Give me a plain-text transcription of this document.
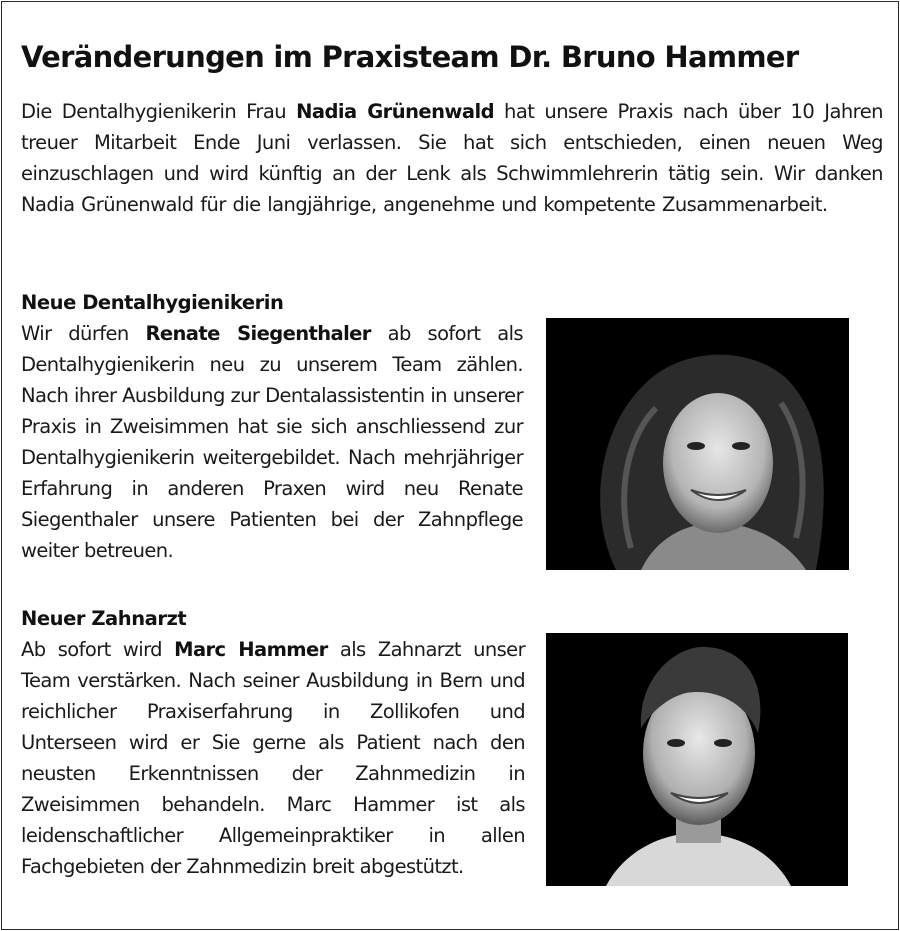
Veränderungen im Praxisteam Dr. Bruno Hammer

Die Dentalhygienikerin Frau Nadia Grünenwald hat unsere Praxis nach über 10 Jahren treuer Mitarbeit Ende Juni verlassen. Sie hat sich entschieden, einen neuen Weg einzuschlagen und wird künftig an der Lenk als Schwimmlehrerin tätig sein. Wir danken Nadia Grünenwald für die langjährige, angenehme und kompetente Zusammenarbeit.

Neue Dentalhygienikerin

Wir dürfen Renate Siegenthaler ab sofort als Dentalhygienikerin neu zu unserem Team zählen. Nach ihrer Ausbildung zur Dentalassistentin in unserer Praxis in Zweisimmen hat sie sich anschliessend zur Dentalhygienikerin weitergebildet. Nach mehrjähriger Erfahrung in anderen Praxen wird neu Renate Siegenthaler unsere Patienten bei der Zahnpflege weiter betreuen.

Neuer Zahnarzt

Ab sofort wird Marc Hammer als Zahnarzt unser Team verstärken. Nach seiner Ausbildung in Bern und reichlicher Praxiserfahrung in Zollikofen und Unterseen wird er Sie gerne als Patient nach den neusten Erkenntnissen der Zahnmedizin in Zweisimmen behandeln. Marc Hammer ist als leidenschaftlicher Allgemeinpraktiker in allen Fachgebieten der Zahnmedizin breit abgestützt.
